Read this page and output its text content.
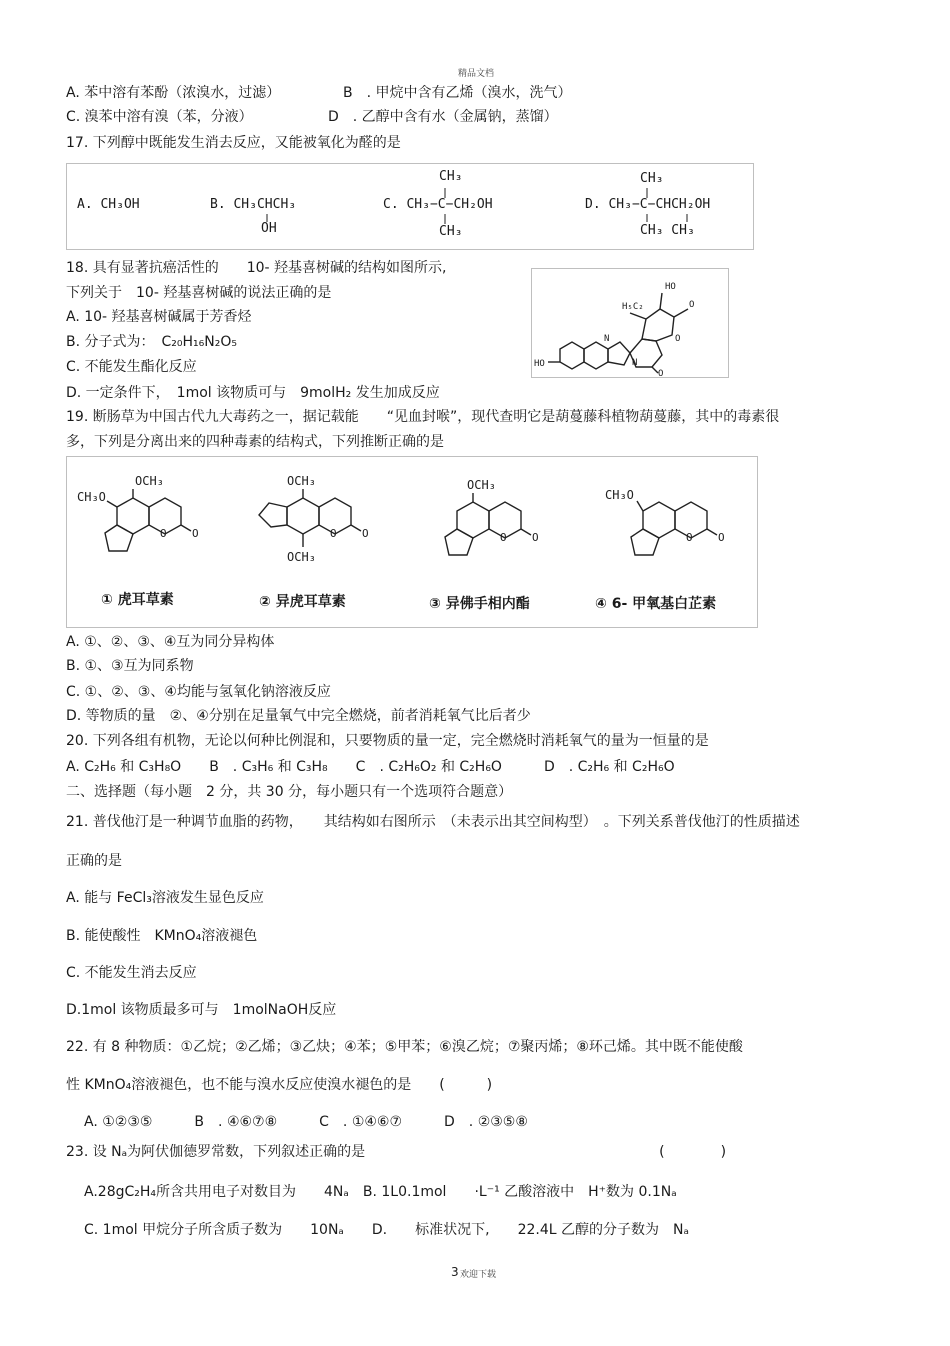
精品文档
A. 苯中溶有苯酚（浓溴水，过滤）	B　. 甲烷中含有乙烯（溴水，洗气）
C. 溴苯中溶有溴（苯，分液）	D　. 乙醇中含有水（金属钠，蒸馏）
17. 下列醇中既能发生消去反应，又能被氧化为醛的是
A. CH₃OH	B. CH₃CHCH₃
OH
CH₃
C. CH₃−C−CH₂OH
CH₃
CH₃
D. CH₃−C−CHCH₂OH
CH₃ CH₃
18. 具有显著抗癌活性的　　10- 羟基喜树碱的结构如图所示,
下列关于　10- 羟基喜树碱的说法正确的是
A. 10- 羟基喜树碱属于芳香烃
B. 分子式为：　C₂₀H₁₆N₂O₅
C. 不能发生酯化反应
D. 一定条件下，　1mol 该物质可与　9molH₂ 发生加成反应
HO
H₅C₂	O
O
O
N
N
HO
19. 断肠草为中国古代九大毒药之一，据记载能　　“见血封喉”，现代查明它是葫蔓藤科植物葫蔓藤，其中的毒素很
多，下列是分离出来的四种毒素的结构式，下列推断正确的是
OCH₃
CH₃O
O O
OCH₃
OCH₃
O O
OCH₃
O O
CH₃O
O O
① 虎耳草素	② 异虎耳草素	③ 异佛手相内酯	④ 6- 甲氧基白芷素
A. ①、②、③、④互为同分异构体
B. ①、③互为同系物
C. ①、②、③、④均能与氢氧化钠溶液反应
D. 等物质的量　②、④分别在足量氧气中完全燃烧，前者消耗氧气比后者少
20. 下列各组有机物，无论以何种比例混和，只要物质的量一定，完全燃烧时消耗氧气的量为一恒量的是
A. C₂H₆ 和 C₃H₈O　　B　. C₃H₆ 和 C₃H₈　　C　. C₂H₆O₂ 和 C₂H₆O　　　D　. C₂H₆ 和 C₂H₆O
二、选择题（每小题　2 分，共 30 分，每小题只有一个选项符合题意）
21. 普伐他汀是一种调节血脂的药物，　　其结构如右图所示　（未表示出其空间构型）　。下列关系普伐他汀的性质描述
正确的是
A. 能与 FeCl₃溶液发生显色反应
B. 能使酸性　KMnO₄溶液褪色
C. 不能发生消去反应
D.1mol 该物质最多可与　1molNaOH反应
22. 有 8 种物质：①乙烷；②乙烯；③乙炔；④苯；⑤甲苯；⑥溴乙烷；⑦聚丙烯；⑧环己烯。其中既不能使酸
性 KMnO₄溶液褪色，也不能与溴水反应使溴水褪色的是　　(　　　)
A. ①②③⑤　　　B　. ④⑥⑦⑧　　　C　. ①④⑥⑦　　　D　. ②③⑤⑧
23. 设 Nₐ为阿伏伽德罗常数，下列叙述正确的是　　　　　　　　　　　　　　　　　　　　　(　　　　)
A.28gC₂H₄所含共用电子对数目为　　4Nₐ　B. 1L0.1mol　　·L⁻¹ 乙酸溶液中　H⁺数为 0.1Nₐ
C. 1mol 甲烷分子所含质子数为　　10Nₐ　　D.　　标准状况下,　　22.4L 乙醇的分子数为　Nₐ
3 欢迎下载
